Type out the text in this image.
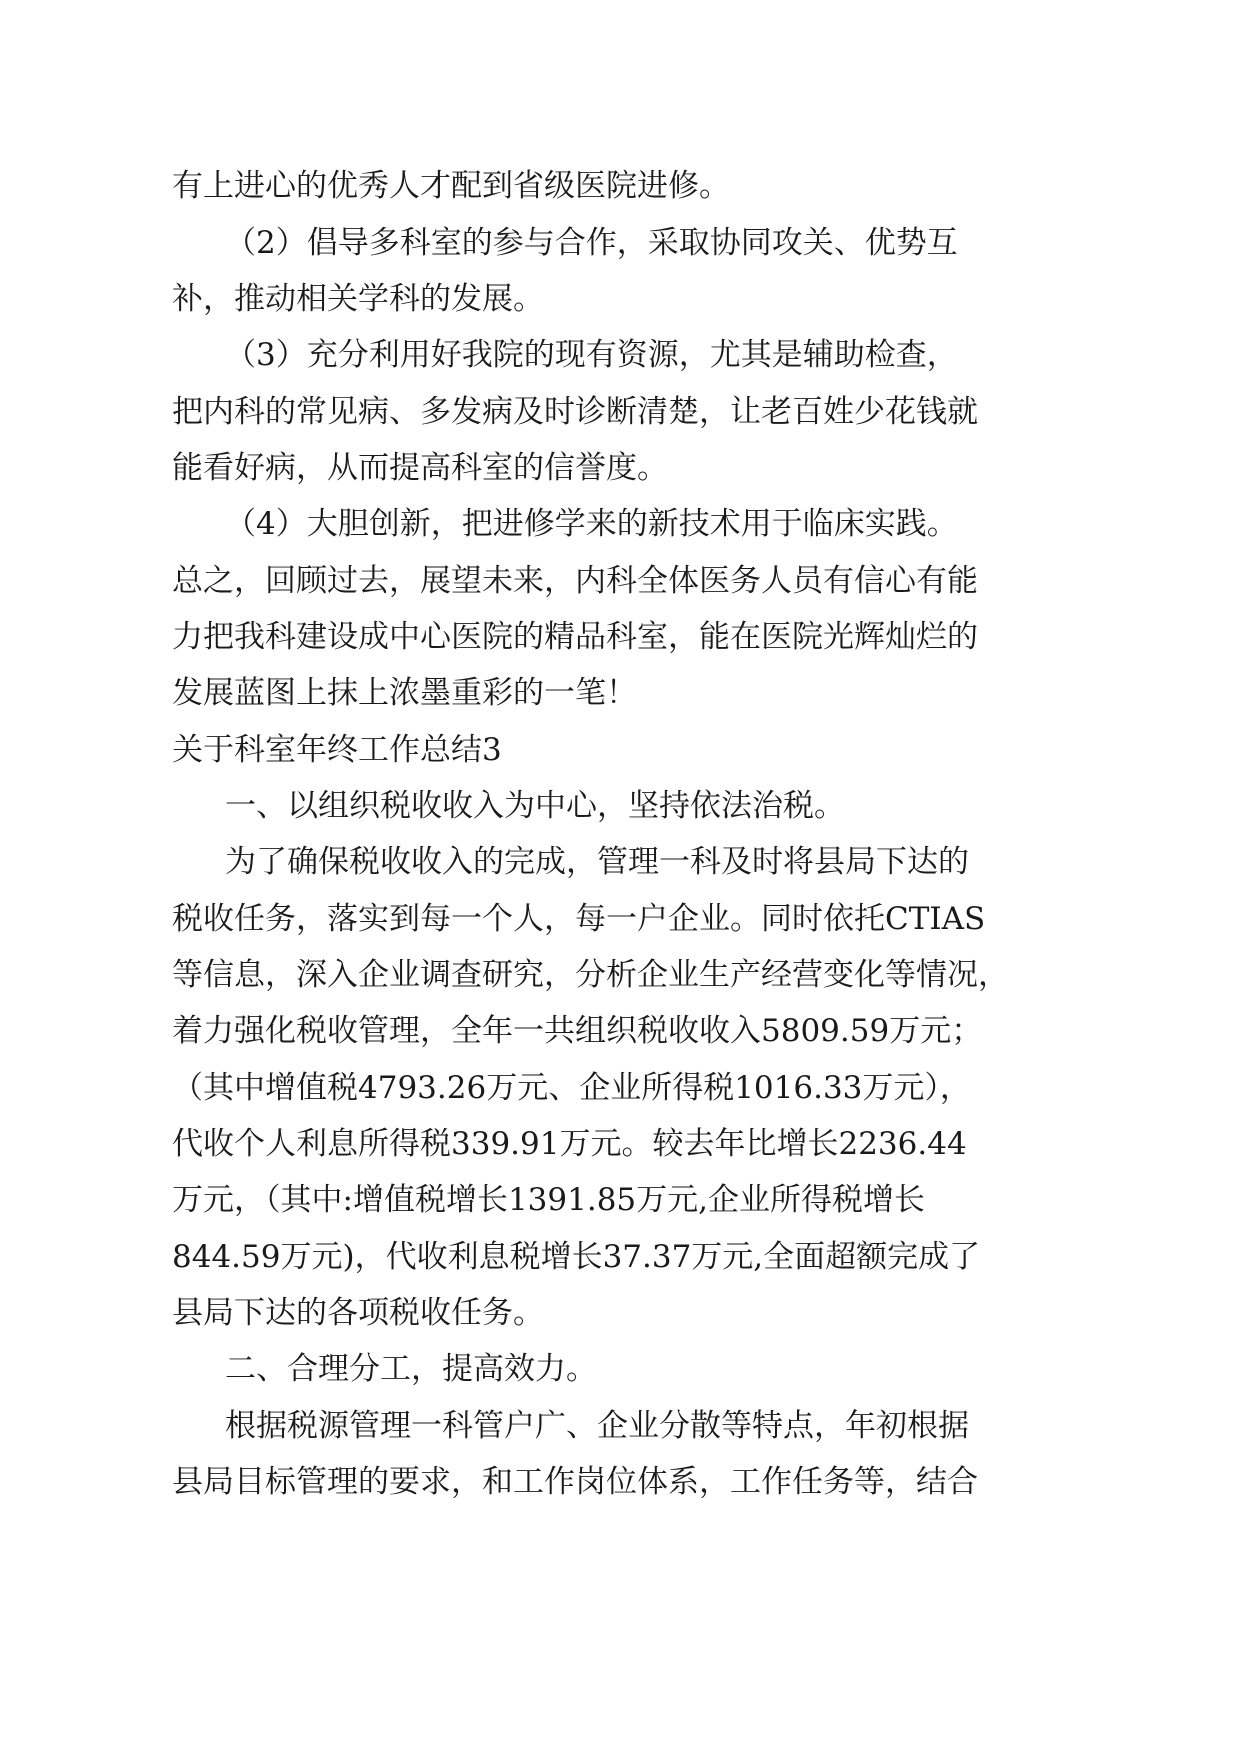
有上进心的优秀人才配到省级医院进修。
（2）倡导多科室的参与合作，采取协同攻关、优势互
补，推动相关学科的发展。
（3）充分利用好我院的现有资源，尤其是辅助检查，
把内科的常见病、多发病及时诊断清楚，让老百姓少花钱就
能看好病，从而提高科室的信誉度。
（4）大胆创新，把进修学来的新技术用于临床实践。
总之，回顾过去，展望未来，内科全体医务人员有信心有能
力把我科建设成中心医院的精品科室，能在医院光辉灿烂的
发展蓝图上抹上浓墨重彩的一笔！
关于科室年终工作总结3
一、以组织税收收入为中心，坚持依法治税。
为了确保税收收入的完成，管理一科及时将县局下达的
税收任务，落实到每一个人，每一户企业。同时依托CTIAS
等信息，深入企业调查研究，分析企业生产经营变化等情况，
着力强化税收管理，全年一共组织税收收入5809.59万元；
（其中增值税4793.26万元、企业所得税1016.33万元），
代收个人利息所得税339.91万元。较去年比增长2236.44
万元，（其中:增值税增长1391.85万元,企业所得税增长
844.59万元)，代收利息税增长37.37万元,全面超额完成了
县局下达的各项税收任务。
二、合理分工，提高效力。
根据税源管理一科管户广、企业分散等特点，年初根据
县局目标管理的要求，和工作岗位体系，工作任务等，结合
